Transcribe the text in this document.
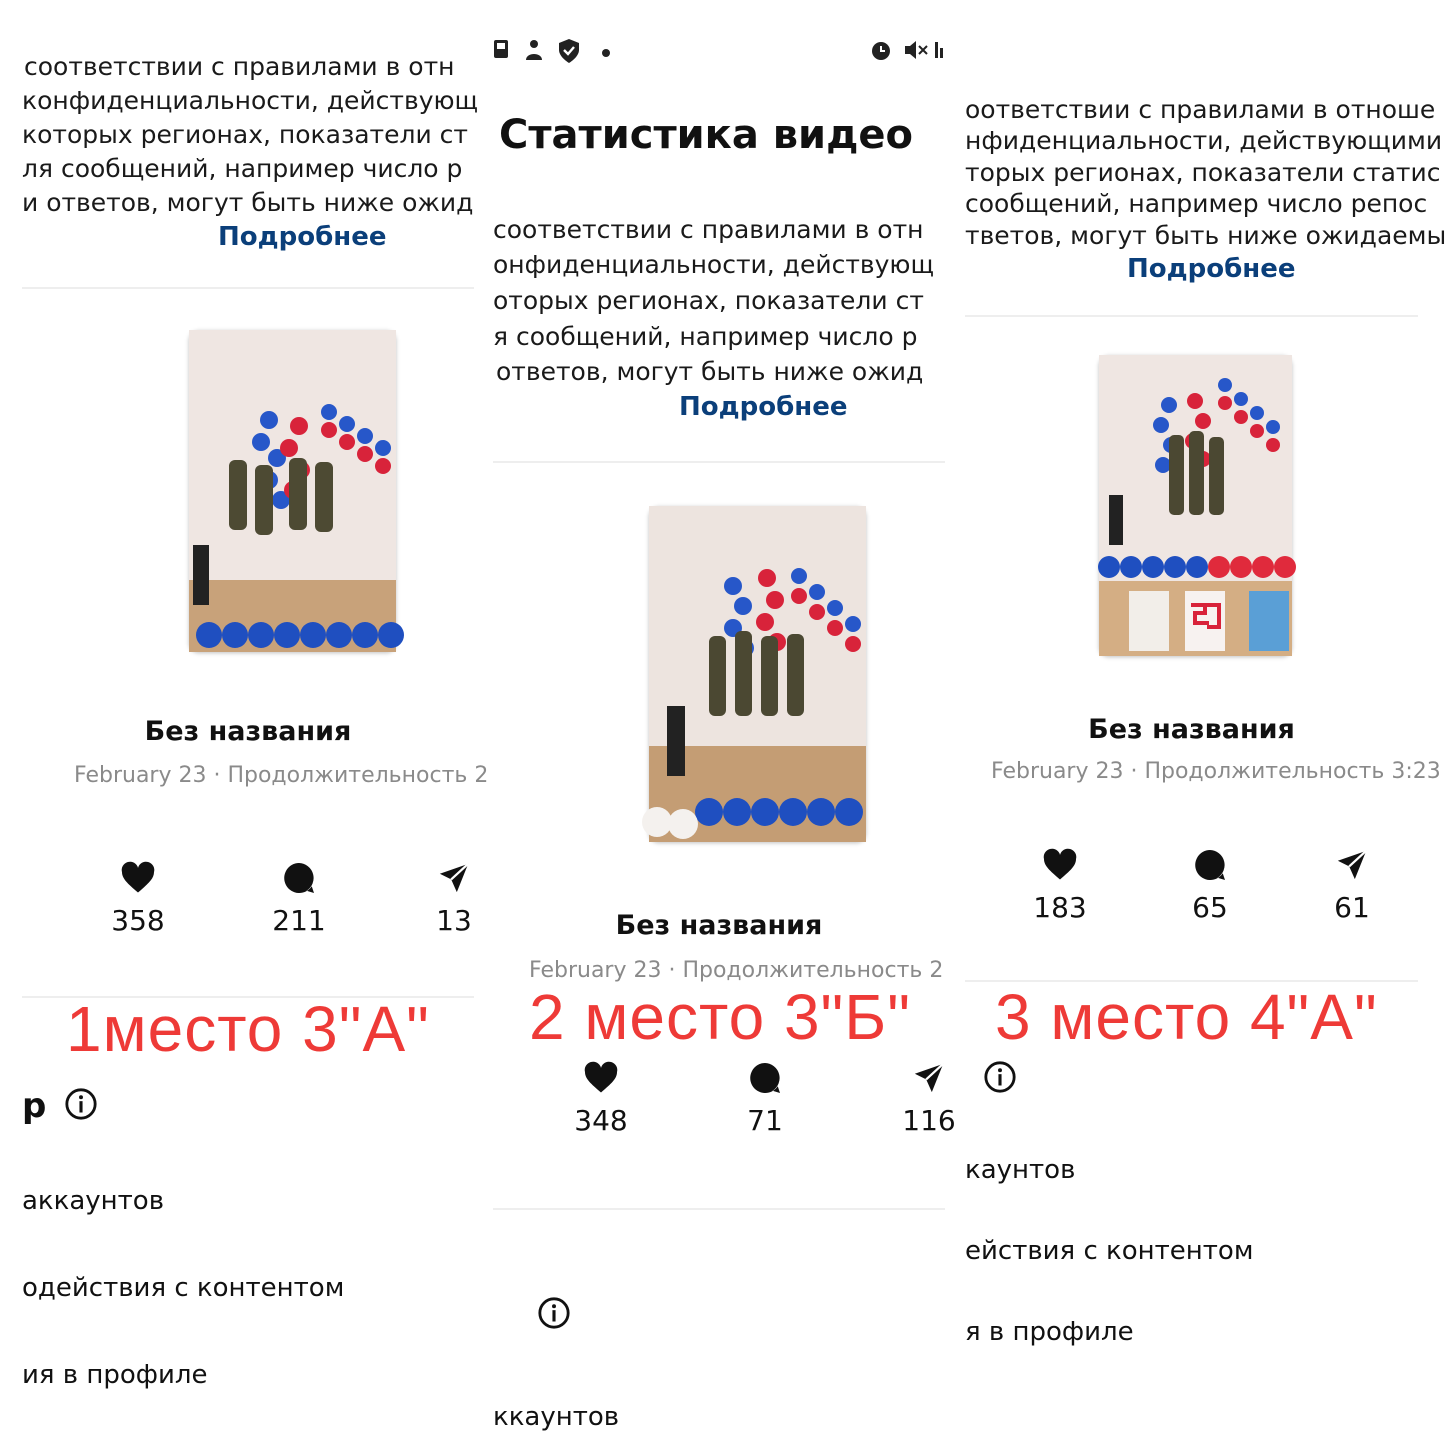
соответствии с правилами в отн
конфиденциальности, действующ
которых регионах, показатели ст
ля сообщений, например число р
и ответов, могут быть ниже ожид
Подробнее
Без названия
February 23 · Продолжительность 2
358	211	13
1место 3"А"
р
аккаунтов
одействия с контентом
ия в профиле
Статистика видео
соответствии с правилами в отн
онфиденциальности, действующ
оторых регионах, показатели ст
я сообщений, например число р
ответов, могут быть ниже ожид
Подробнее
Без названия
February 23 · Продолжительность 2
2 место 3"Б"
348	71	116
ккаунтов
оответствии с правилами в отноше
нфиденциальности, действующими
торых регионах, показатели статис
сообщений, например число репос
тветов, могут быть ниже ожидаемы
Подробнее
Без названия
February 23 · Продолжительность 3:23
183	65	61
3 место 4"А"
каунтов
ействия с контентом
я в профиле
